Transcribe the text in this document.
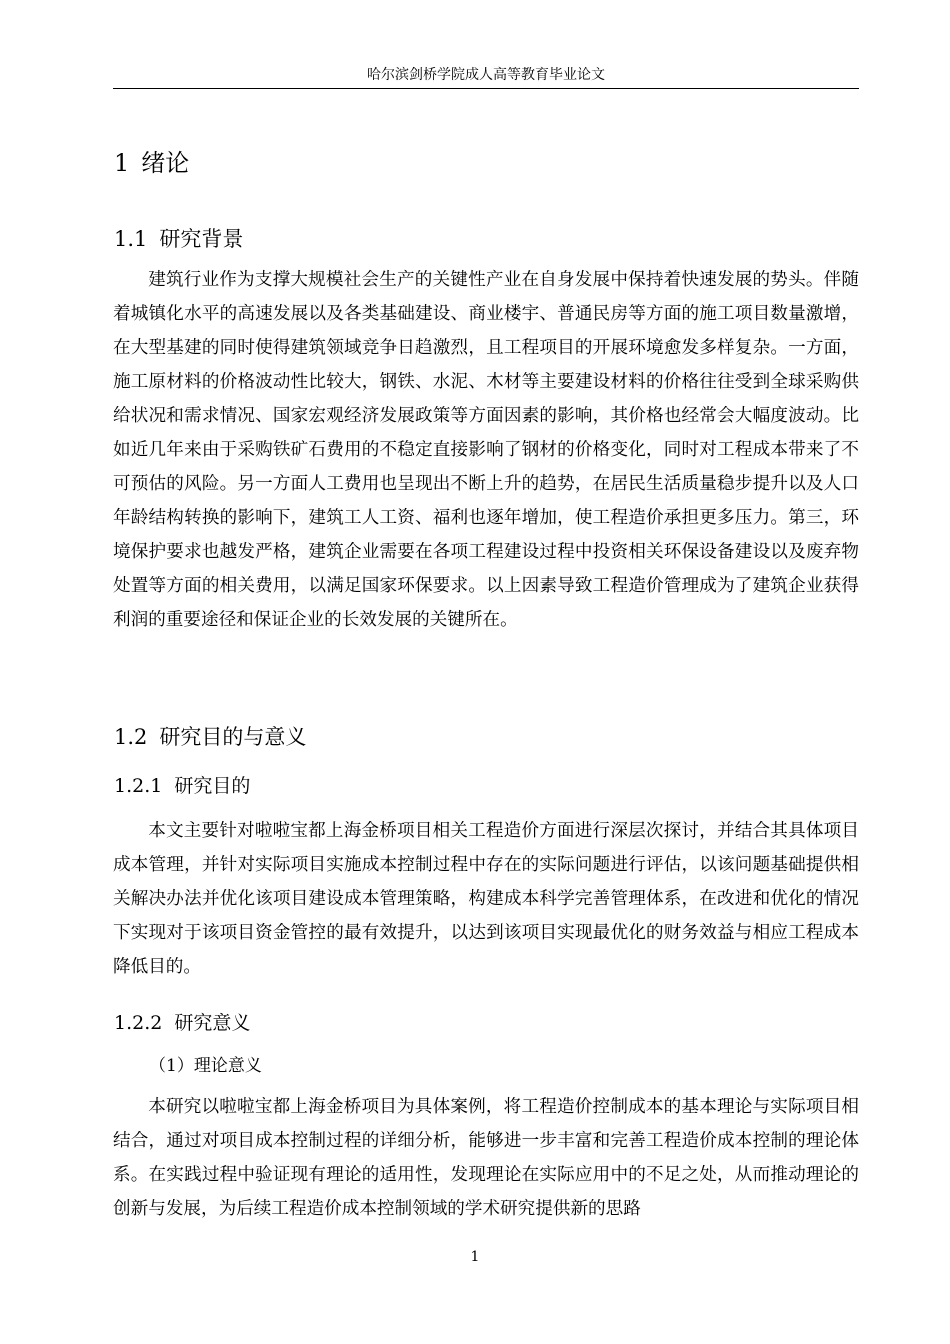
哈尔滨剑桥学院成人高等教育毕业论文
1 绪论
1.1 研究背景

建筑行业作为支撑大规模社会生产的关键性产业在自身发展中保持着快速发展的势头。伴随着城镇化水平的高速发展以及各类基础建设、商业楼宇、普通民房等方面的施工项目数量激增，在大型基建的同时使得建筑领域竞争日趋激烈，且工程项目的开展环境愈发多样复杂。一方面，施工原材料的价格波动性比较大，钢铁、水泥、木材等主要建设材料的价格往往受到全球采购供给状况和需求情况、国家宏观经济发展政策等方面因素的影响，其价格也经常会大幅度波动。比如近几年来由于采购铁矿石费用的不稳定直接影响了钢材的价格变化，同时对工程成本带来了不可预估的风险。另一方面人工费用也呈现出不断上升的趋势，在居民生活质量稳步提升以及人口年龄结构转换的影响下，建筑工人工资、福利也逐年增加，使工程造价承担更多压力。第三，环境保护要求也越发严格，建筑企业需要在各项工程建设过程中投资相关环保设备建设以及废弃物处置等方面的相关费用，以满足国家环保要求。以上因素导致工程造价管理成为了建筑企业获得利润的重要途径和保证企业的长效发展的关键所在。

1.2 研究目的与意义
1.2.1 研究目的

本文主要针对啦啦宝都上海金桥项目相关工程造价方面进行深层次探讨，并结合其具体项目成本管理，并针对实际项目实施成本控制过程中存在的实际问题进行评估，以该问题基础提供相关解决办法并优化该项目建设成本管理策略，构建成本科学完善管理体系，在改进和优化的情况下实现对于该项目资金管控的最有效提升，以达到该项目实现最优化的财务效益与相应工程成本降低目的。

1.2.2 研究意义
（1）理论意义

本研究以啦啦宝都上海金桥项目为具体案例，将工程造价控制成本的基本理论与实际项目相结合，通过对项目成本控制过程的详细分析，能够进一步丰富和完善工程造价成本控制的理论体系。在实践过程中验证现有理论的适用性，发现理论在实际应用中的不足之处，从而推动理论的创新与发展，为后续工程造价成本控制领域的学术研究提供新的思路

1
